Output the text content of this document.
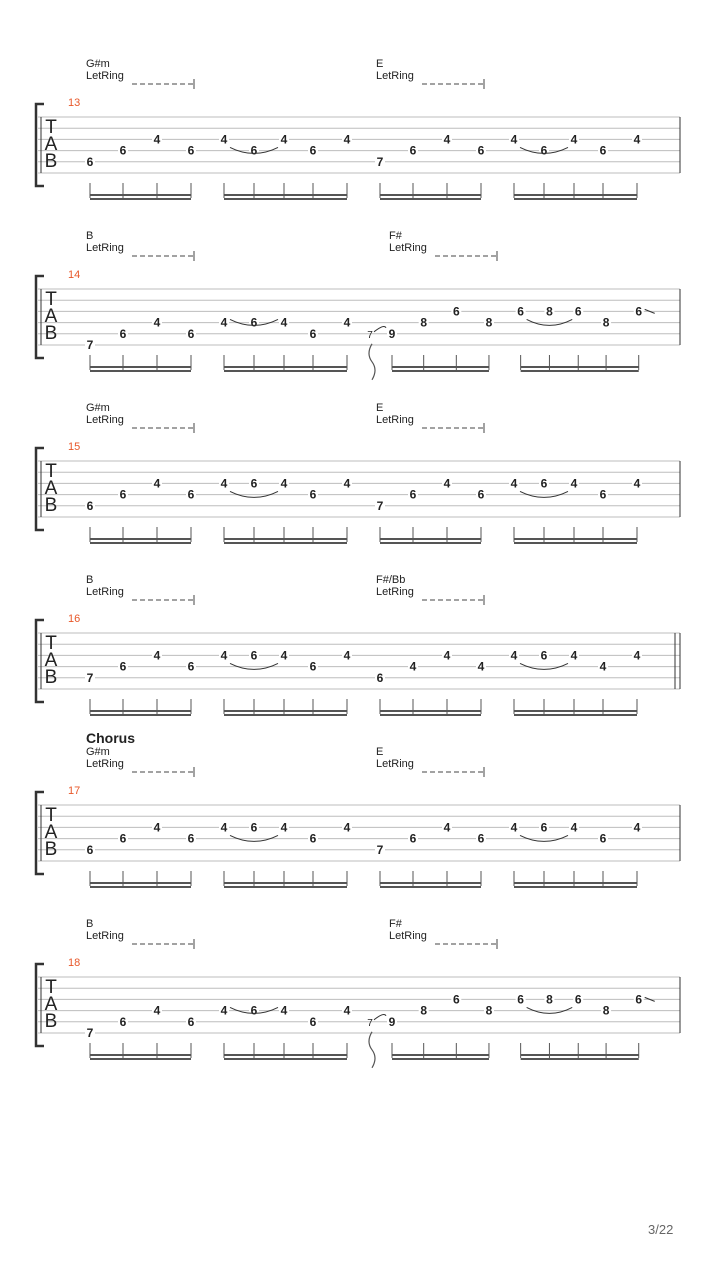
T
A
B
13
G#m
LetRing
6
6
4
6
4
6
4
6
4
E
LetRing
7
6
4
6
4
6
4
6
4
T
A
B
14
B
LetRing
7
6
4
6
4 6 4
6
4
F#
LetRing
7 9
8
6
8
6 8 6
8
6
T
A
B
15
G#m
LetRing
6
6
4
6
4 6 4
6
4
E
LetRing
7
6
4
6
4 6 4
6
4
T
A
B
16
B
LetRing
7
6
4
6
4 6 4
6
4
F#/Bb
LetRing
6
4
4
4
4 6 4
4
4
T
A
B
17
Chorus
G#m
LetRing
6
6
4
6
4 6 4
6
4
E
LetRing
7
6
4
6
4 6 4
6
4
T
A
B
18
B
LetRing
7
6
4
6
4 6 4
6
4
F#
LetRing
7 9
8
6
8
6 8 6
8
6
3/22
